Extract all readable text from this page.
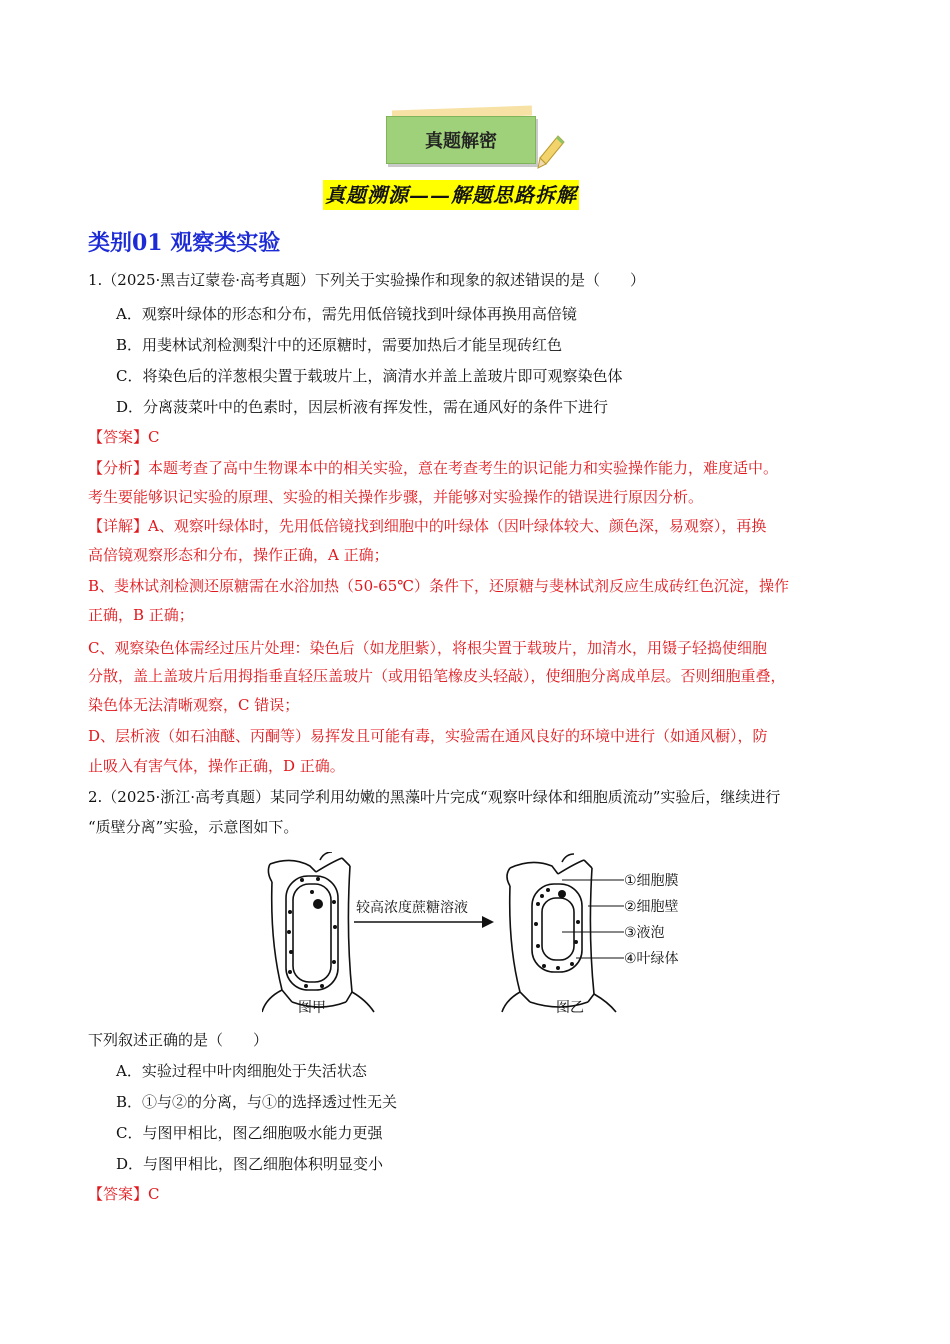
真题解密
真题溯源——解题思路拆解
类别01 观察类实验
1.（2025·黑吉辽蒙卷·高考真题）下列关于实验操作和现象的叙述错误的是（　　）
A．观察叶绿体的形态和分布，需先用低倍镜找到叶绿体再换用高倍镜
B．用斐林试剂检测梨汁中的还原糖时，需要加热后才能呈现砖红色
C．将染色后的洋葱根尖置于载玻片上，滴清水并盖上盖玻片即可观察染色体
D．分离菠菜叶中的色素时，因层析液有挥发性，需在通风好的条件下进行
【答案】C
【分析】本题考查了高中生物课本中的相关实验，意在考查考生的识记能力和实验操作能力，难度适中。
考生要能够识记实验的原理、实验的相关操作步骤，并能够对实验操作的错误进行原因分析。
【详解】A、观察叶绿体时，先用低倍镜找到细胞中的叶绿体（因叶绿体较大、颜色深，易观察），再换
高倍镜观察形态和分布，操作正确，A 正确；
B、斐林试剂检测还原糖需在水浴加热（50-65℃）条件下，还原糖与斐林试剂反应生成砖红色沉淀，操作
正确，B 正确；
C、观察染色体需经过压片处理：染色后（如龙胆紫），将根尖置于载玻片，加清水，用镊子轻捣使细胞
分散，盖上盖玻片后用拇指垂直轻压盖玻片（或用铅笔橡皮头轻敲），使细胞分离成单层。否则细胞重叠，
染色体无法清晰观察，C 错误；
D、层析液（如石油醚、丙酮等）易挥发且可能有毒，实验需在通风良好的环境中进行（如通风橱），防
止吸入有害气体，操作正确，D 正确。
2.（2025·浙江·高考真题）某同学利用幼嫩的黑藻叶片完成“观察叶绿体和细胞质流动”实验后，继续进行
“质壁分离”实验，示意图如下。
较高浓度蔗糖溶液
图甲	图乙
①细胞膜
②细胞壁
③液泡
④叶绿体
下列叙述正确的是（　　）
A．实验过程中叶肉细胞处于失活状态
B．①与②的分离，与①的选择透过性无关
C．与图甲相比，图乙细胞吸水能力更强
D．与图甲相比，图乙细胞体积明显变小
【答案】C
